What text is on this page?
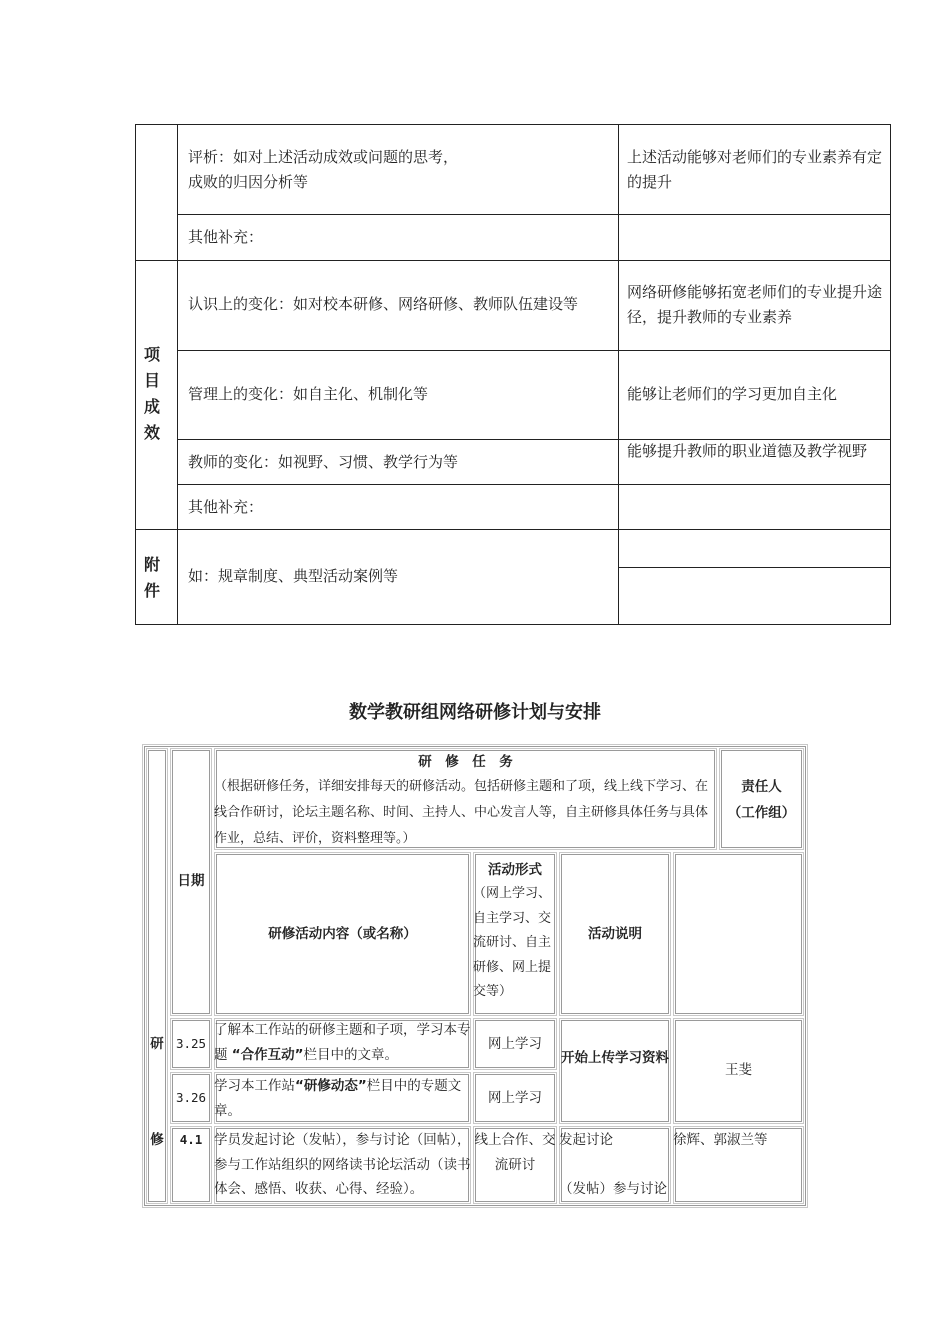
评析：如对上述活动成效或问题的思考，
成败的归因分析等
上述活动能够对老师们的专业素养有定的提升
其他补充：
认识上的变化：如对校本研修、网络研修、教师队伍建设等
网络研修能够拓宽老师们的专业提升途径，提升教师的专业素养
管理上的变化：如自主化、机制化等	能够让老师们的学习更加自主化
教师的变化：如视野、习惯、教学行为等
能够提升教师的职业道德及教学视野
其他补充：
如：规章制度、典型活动案例等
项
目
成
效
附
件
数学教研组网络研修计划与安排
研　修　任　务
（根据研修任务，详细安排每天的研修活动。包括研修主题和了项，线上线下学习、在线合作研讨，论坛主题名称、时间、主持人、中心发言人等，自主研修具体任务与具体作业，总结、评价，资料整理等。）
责任人
（工作组）
日期
研修活动内容（或名称）
活动形式
（网上学习、自主学习、交流研讨、自主研修、网上提交等）
活动说明
研
修
3.25
了解本工作站的研修主题和子项，学习本专题 “合作互动”栏目中的文章。
网上学习
开始上传学习资料
王斐
3.26
学习本工作站“研修动态”栏目中的专题文章。
网上学习
4.1 学员发起讨论（发帖），参与讨论（回帖），参与工作站组织的网络读书论坛活动（读书体会、感悟、收获、心得、经验）。
线上合作、交流研讨
发起讨论

（发帖）参与讨论
徐辉、郭淑兰等
